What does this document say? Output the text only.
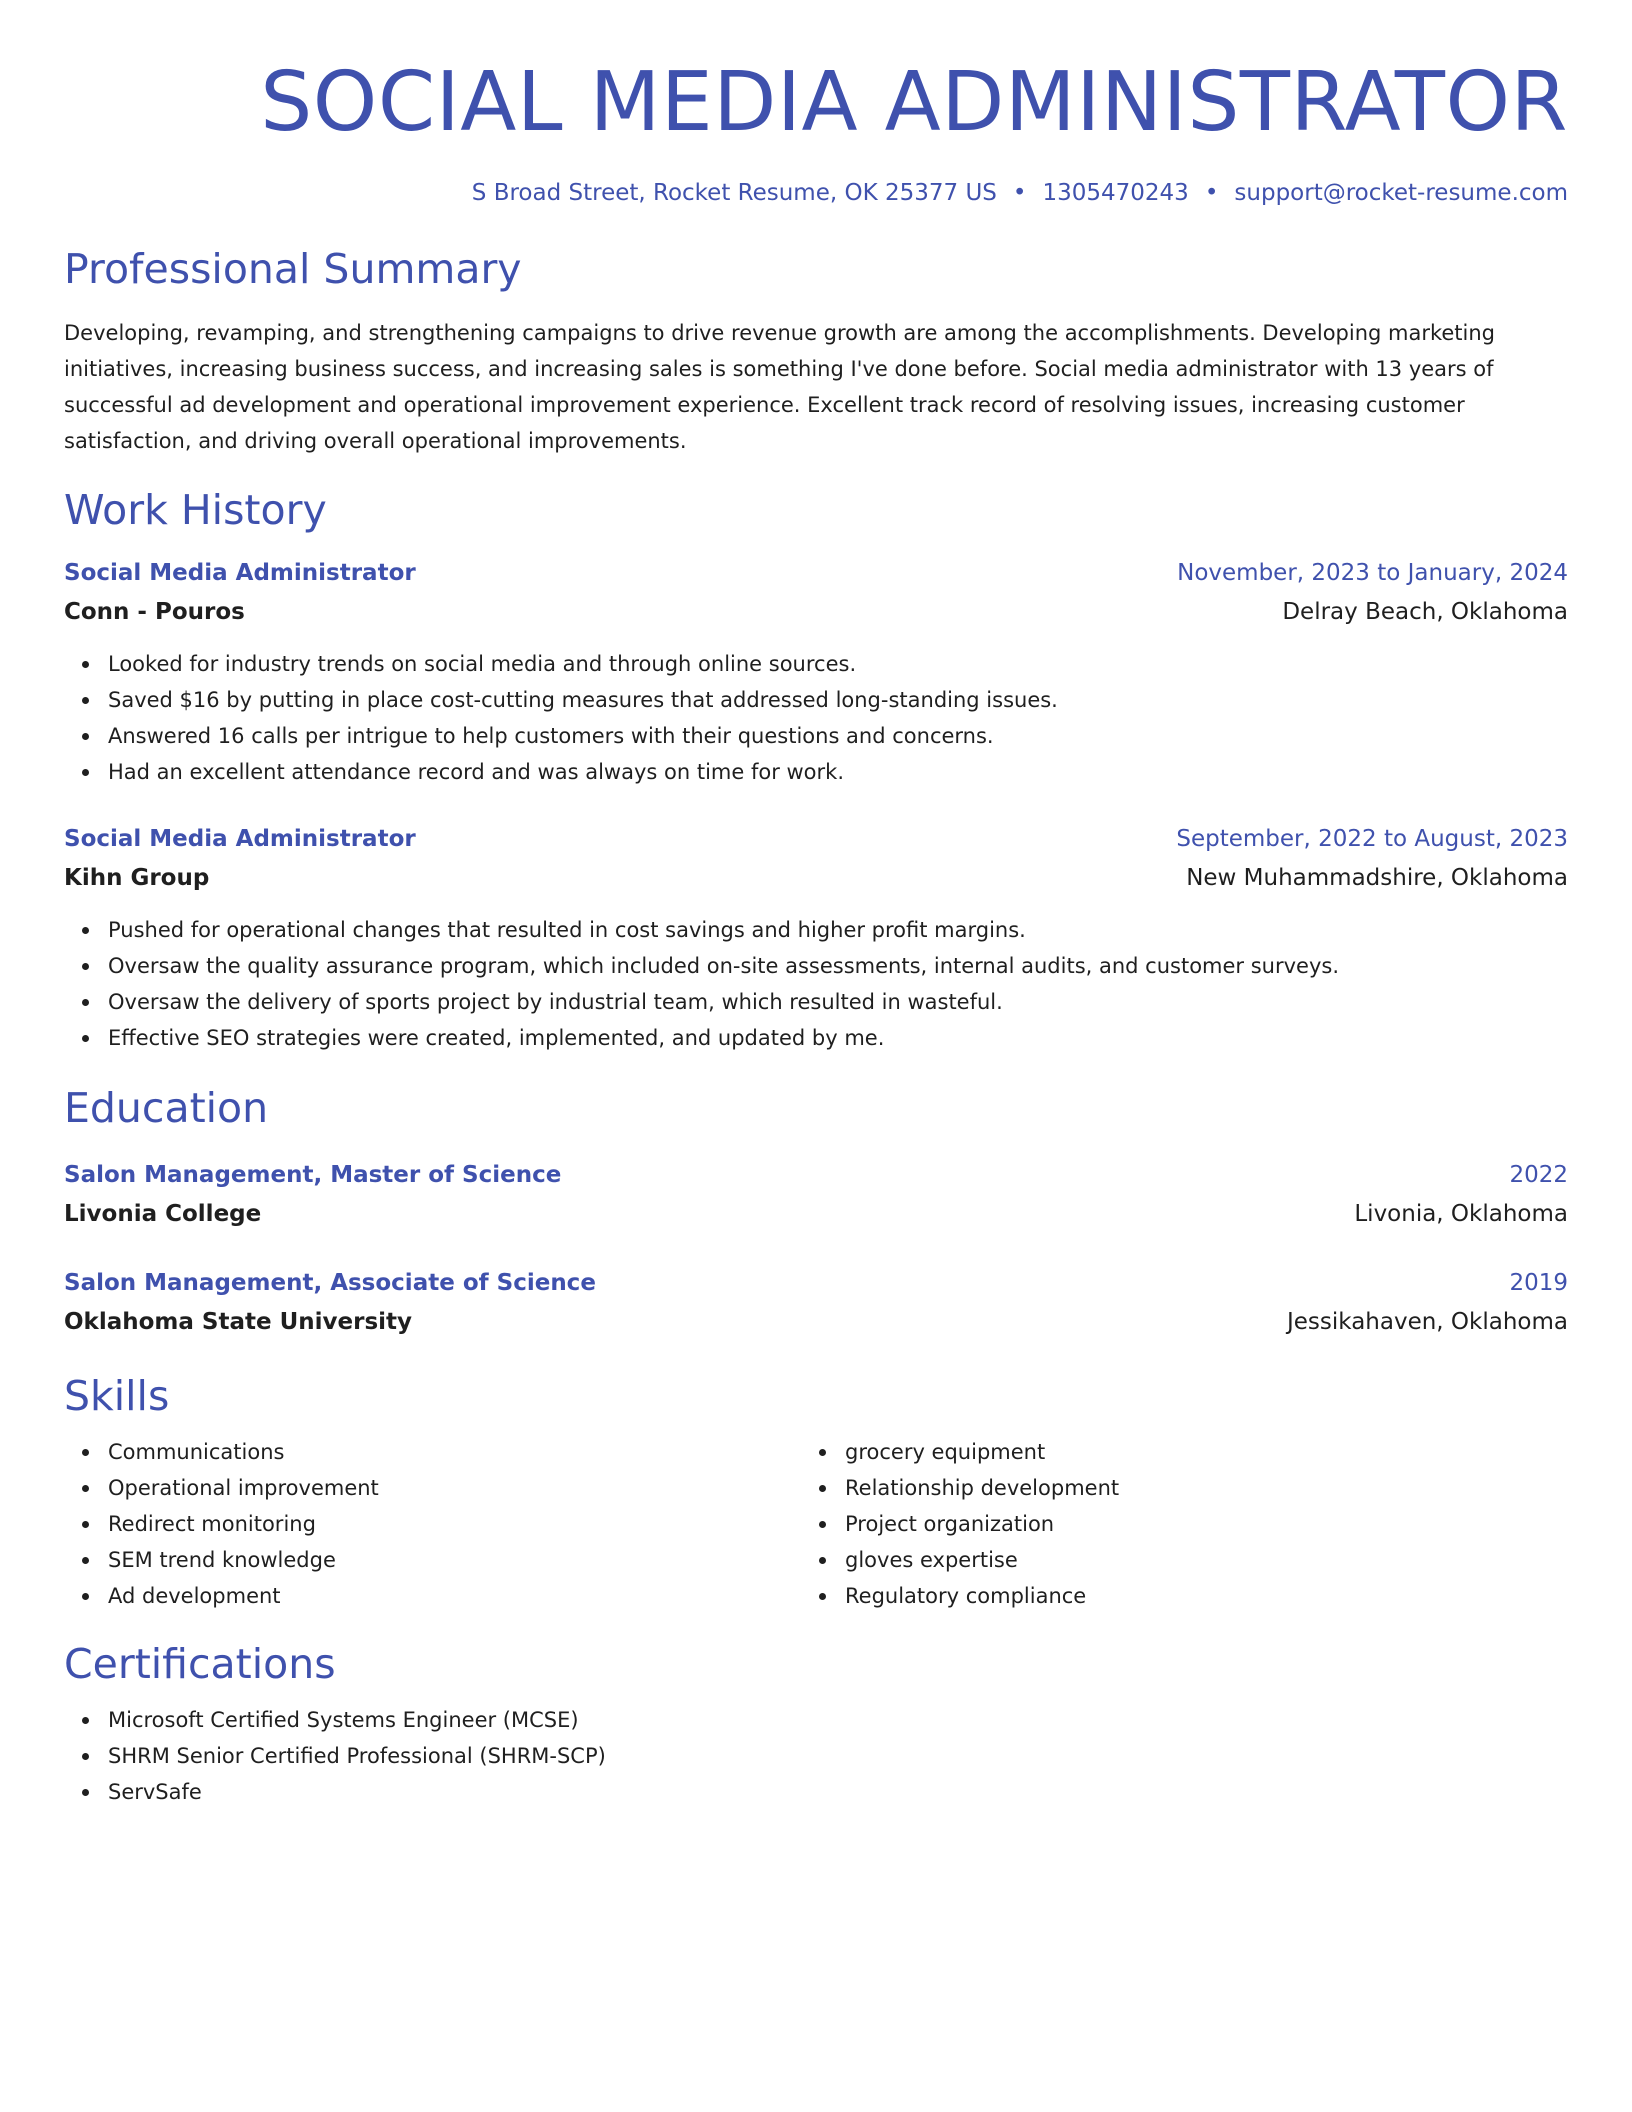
SOCIAL MEDIA ADMINISTRATOR
S Broad Street, Rocket Resume, OK 25377 US • 1305470243 • support@rocket-resume.com
Professional Summary
Developing, revamping, and strengthening campaigns to drive revenue growth are among the accomplishments. Developing marketing initiatives, increasing business success, and increasing sales is something I've done before. Social media administrator with 13 years of successful ad development and operational improvement experience. Excellent track record of resolving issues, increasing customer satisfaction, and driving overall operational improvements.
Work History
Social Media Administrator	November, 2023 to January, 2024
Conn - Pouros	Delray Beach, Oklahoma
Looked for industry trends on social media and through online sources.
Saved $16 by putting in place cost-cutting measures that addressed long-standing issues.
Answered 16 calls per intrigue to help customers with their questions and concerns.
Had an excellent attendance record and was always on time for work.
Social Media Administrator	September, 2022 to August, 2023
Kihn Group	New Muhammadshire, Oklahoma
Pushed for operational changes that resulted in cost savings and higher profit margins.
Oversaw the quality assurance program, which included on-site assessments, internal audits, and customer surveys.
Oversaw the delivery of sports project by industrial team, which resulted in wasteful.
Effective SEO strategies were created, implemented, and updated by me.
Education
Salon Management, Master of Science	2022
Livonia College	Livonia, Oklahoma
Salon Management, Associate of Science	2019
Oklahoma State University	Jessikahaven, Oklahoma
Skills
Communications
Operational improvement
Redirect monitoring
SEM trend knowledge
Ad development
grocery equipment
Relationship development
Project organization
gloves expertise
Regulatory compliance
Certifications
Microsoft Certified Systems Engineer (MCSE)
SHRM Senior Certified Professional (SHRM-SCP)
ServSafe
